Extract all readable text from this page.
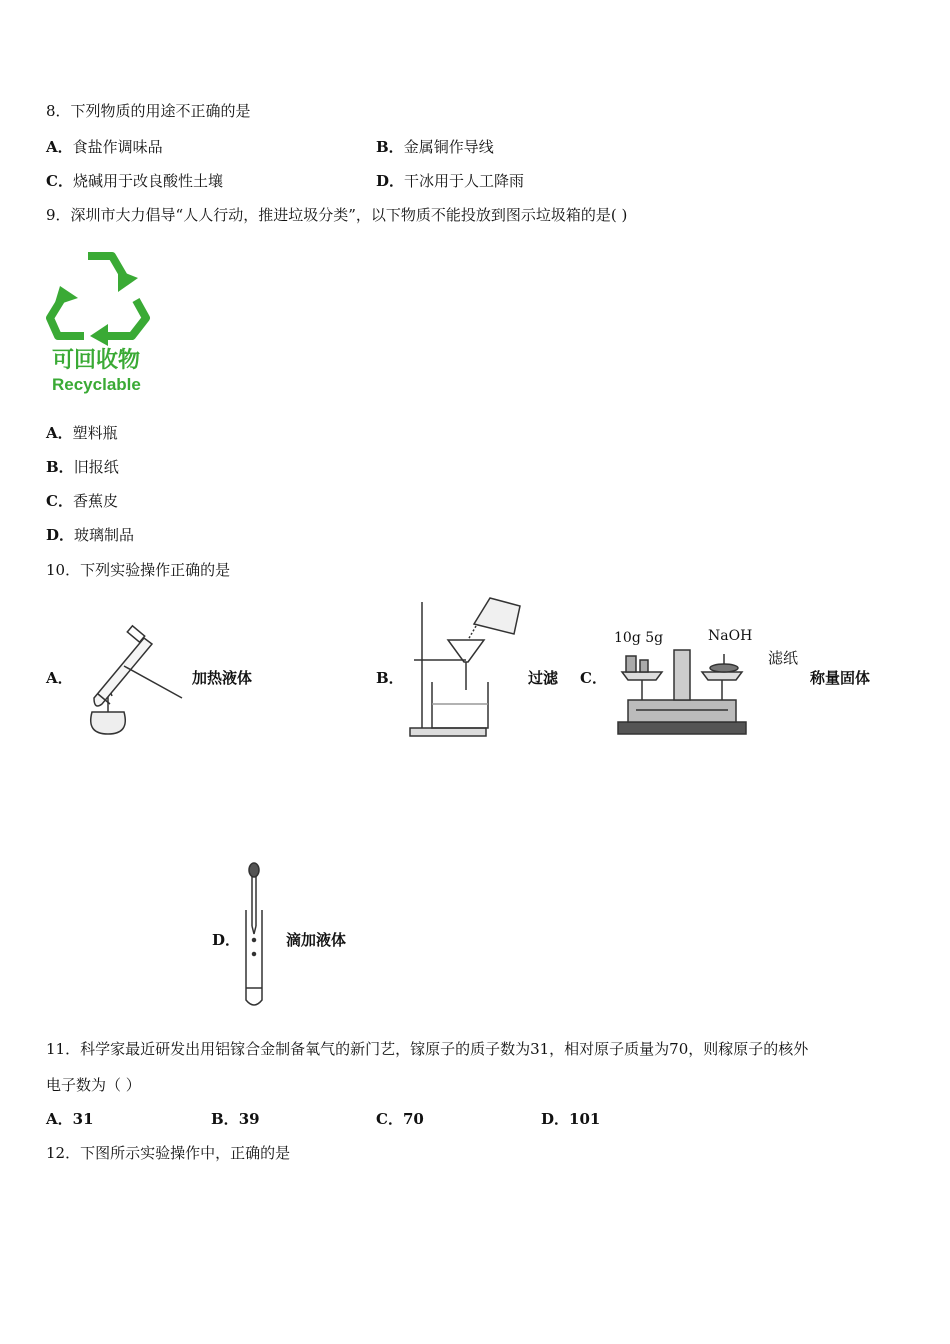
8．下列物质的用途不正确的是
A．食盐作调味品	B．金属铜作导线
C．烧碱用于改良酸性土壤	D．干冰用于人工降雨
9．深圳市大力倡导“人人行动，推进垃圾分类”，以下物质不能投放到图示垃圾箱的是( )
可回收物
Recyclable
A．塑料瓶
B．旧报纸
C．香蕉皮
D．玻璃制品
10．下列实验操作正确的是
A．	加热液体	B．	过滤 C．
10g 5g	NaOH
滤纸
称量固体
D．	滴加液体
11．科学家最近研发出用铝镓合金制备氧气的新门艺，镓原子的质子数为31，相对原子质量为70，则稼原子的核外
电子数为（ ）
A．31	B．39	C．70	D．101
12．下图所示实验操作中，正确的是
